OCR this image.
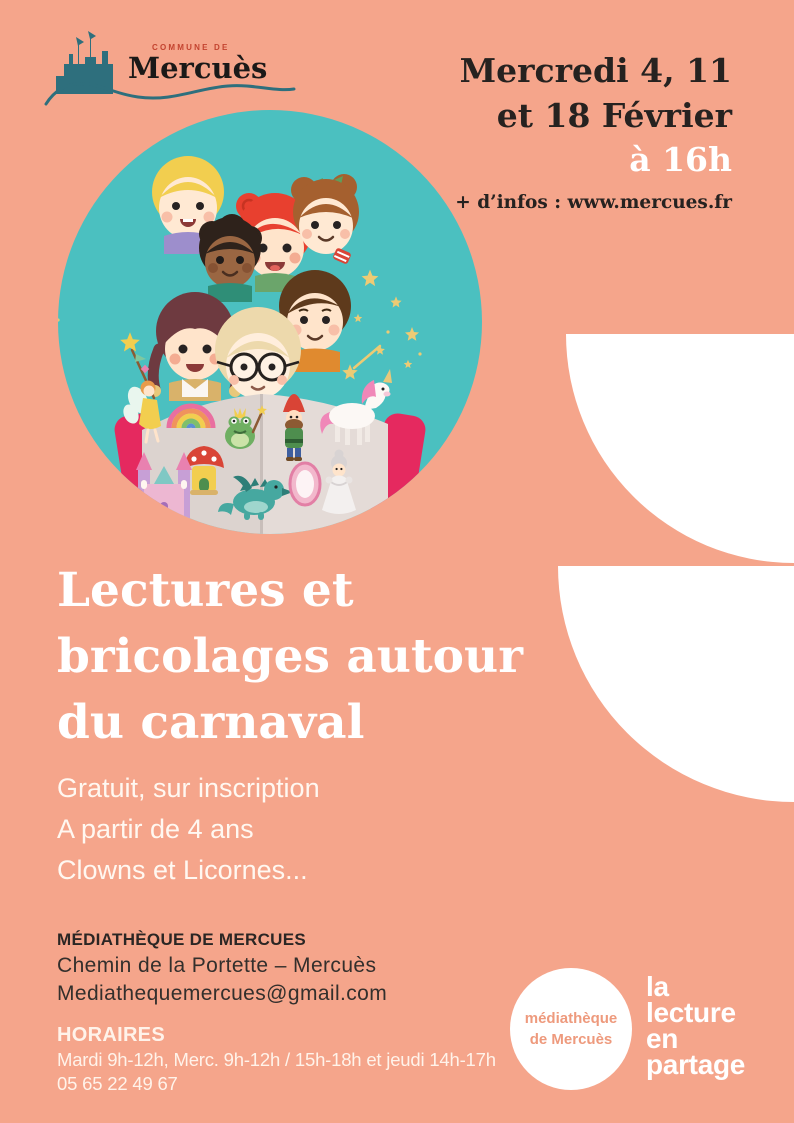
COMMUNE DE
Mercuès	Mercredi 4, 11
et 18 Février
à 16h
+ d’infos : www.mercues.fr
Lectures et
bricolages autour
du carnaval
Gratuit, sur inscription
A partir de 4 ans
Clowns et Licornes...
MÉDIATHÈQUE DE MERCUES
Chemin de la Portette – Mercuès
Mediathequemercues@gmail.com
HORAIRES
Mardi 9h-12h, Merc. 9h-12h / 15h-18h et jeudi 14h-17h
05 65 22 49 67
médiathèque
de Mercuès
la
lecture
en
partage
